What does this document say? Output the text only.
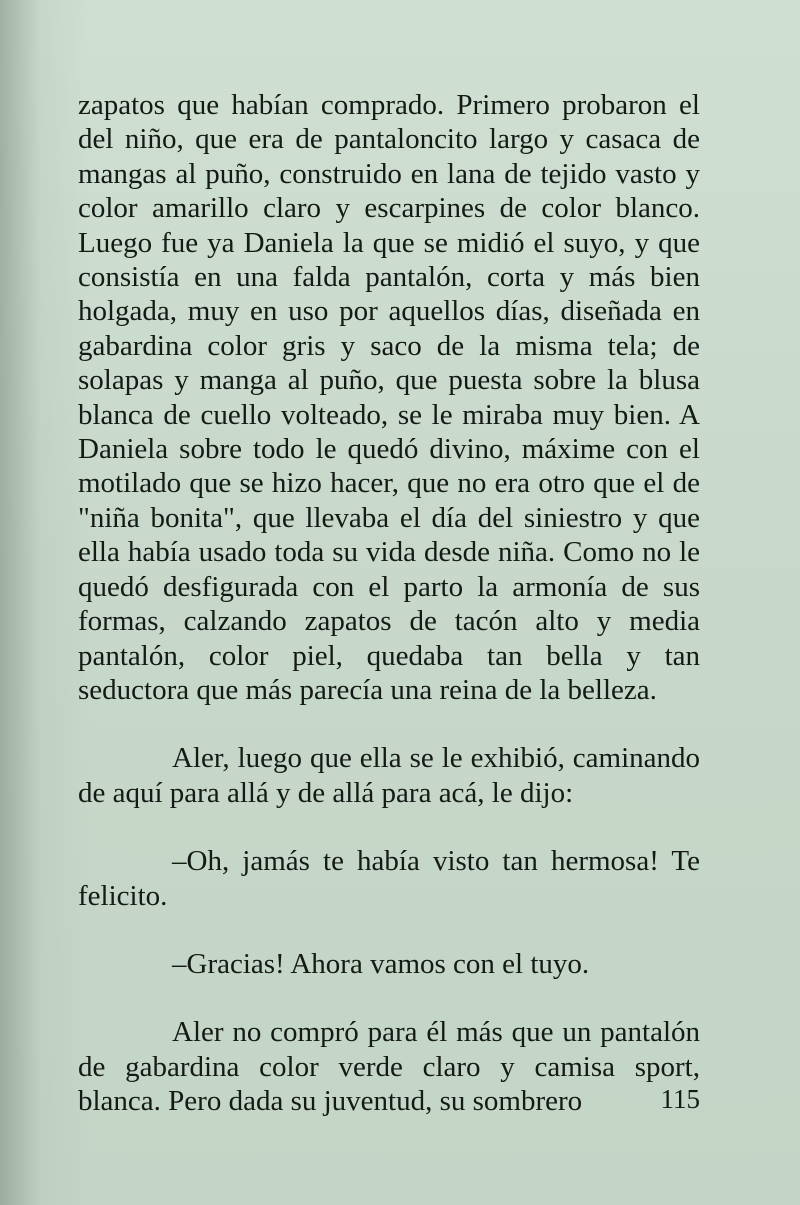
zapatos que habían comprado. Primero probaron el del niño, que era de pantaloncito largo y casaca de mangas al puño, construido en lana de tejido vasto y color amarillo claro y escarpines de color blanco. Luego fue ya Daniela la que se midió el suyo, y que consistía en una falda pantalón, corta y más bien holgada, muy en uso por aquellos días, diseñada en gabardina color gris y saco de la misma tela; de solapas y manga al puño, que puesta sobre la blusa blanca de cuello volteado, se le miraba muy bien. A Daniela sobre todo le quedó divino, máxime con el motilado que se hizo hacer, que no era otro que el de "niña bonita", que llevaba el día del siniestro y que ella había usado toda su vida desde niña. Como no le quedó desfigurada con el parto la armonía de sus formas, calzando zapatos de tacón alto y media pantalón, color piel, quedaba tan bella y tan seductora que más parecía una reina de la belleza.

Aler, luego que ella se le exhibió, caminando de aquí para allá y de allá para acá, le dijo:

–Oh, jamás te había visto tan hermosa! Te felicito.

–Gracias! Ahora vamos con el tuyo.

Aler no compró para él más que un pantalón de gabardina color verde claro y camisa sport, blanca. Pero dada su juventud, su sombrero	115
